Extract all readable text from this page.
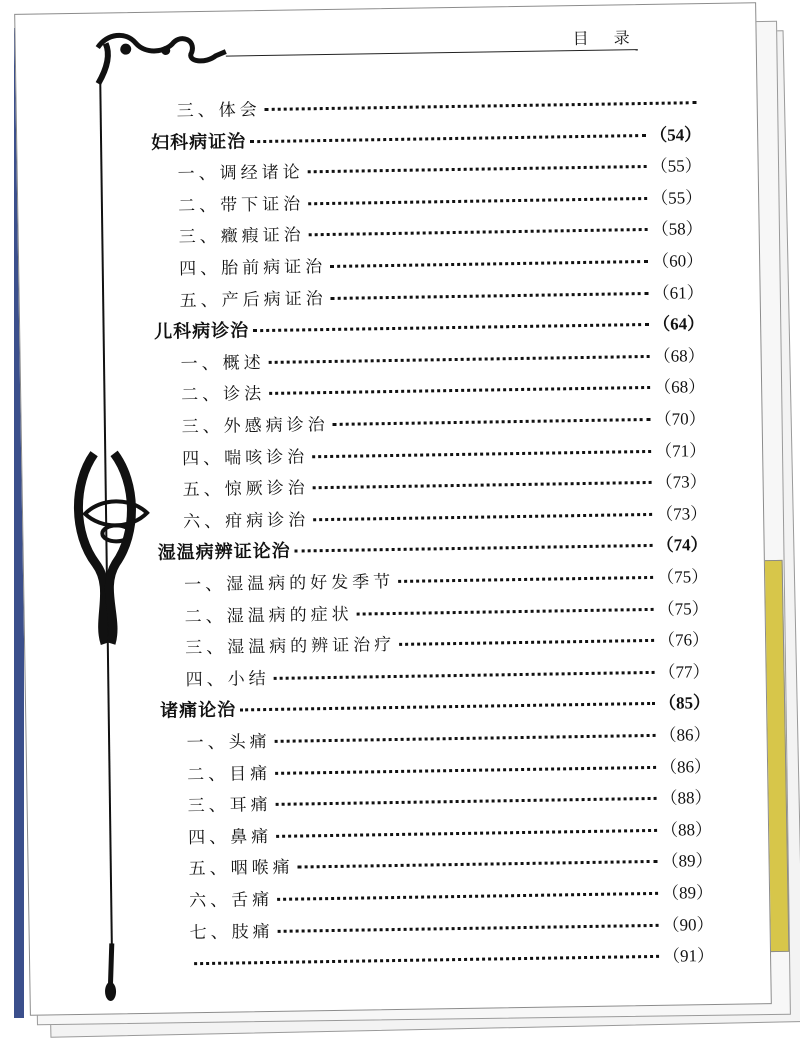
目 录
三、体会
妇科病证治	（54）
一、调经诸论	（55）
二、带下证治	（55）
三、癥瘕证治	（58）
四、胎前病证治	（60）
五、产后病证治	（61）
儿科病诊治	（64）
一、概述	（68）
二、诊法	（68）
三、外感病诊治	（70）
四、喘咳诊治	（71）
五、惊厥诊治	（73）
六、疳病诊治	（73）
湿温病辨证论治	（74）
一、湿温病的好发季节	（75）
二、湿温病的症状	（75）
三、湿温病的辨证治疗	（76）
四、小结	（77）
诸痛论治	（85）
一、头痛	（86）
二、目痛	（86）
三、耳痛	（88）
四、鼻痛	（88）
五、咽喉痛	（89）
六、舌痛	（89）
七、肢痛	（90）
（91）
